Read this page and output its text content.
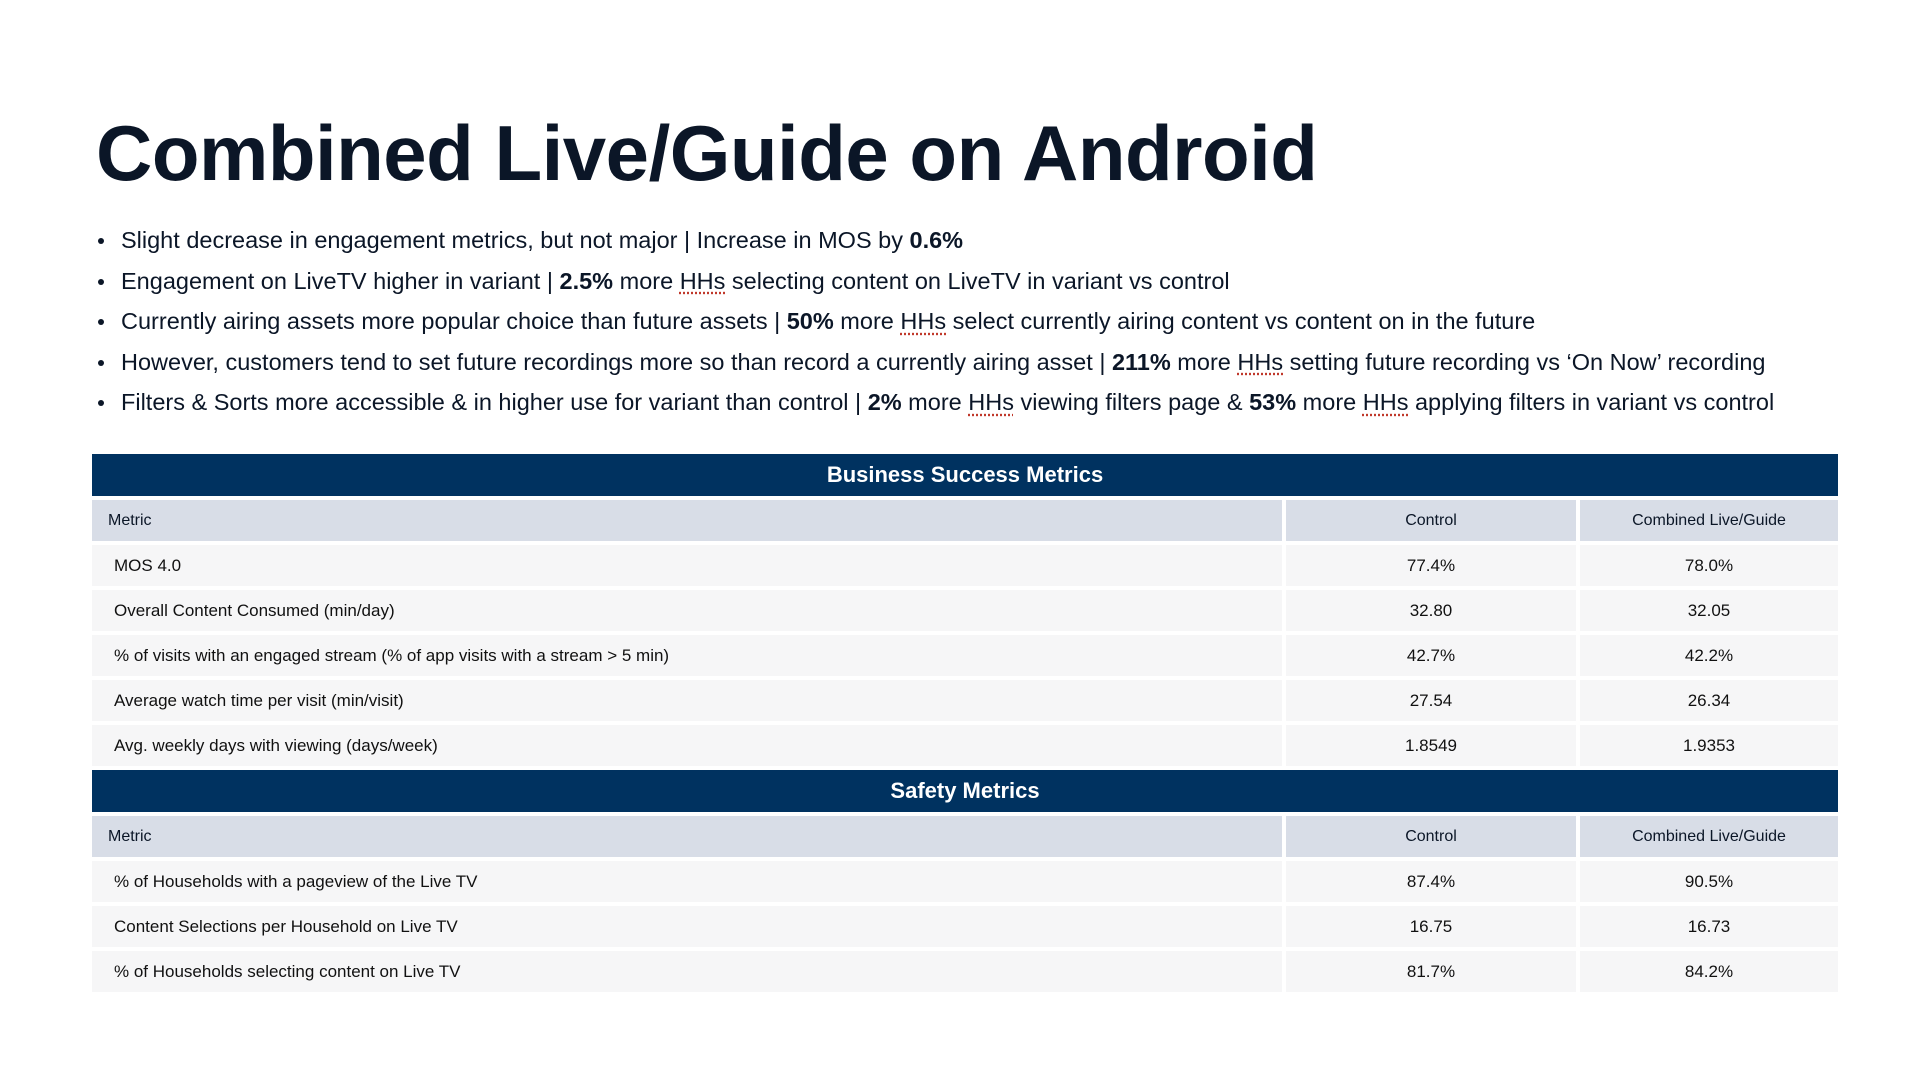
Combined Live/Guide on Android
Slight decrease in engagement metrics, but not major | Increase in MOS by 0.6%
Engagement on LiveTV higher in variant | 2.5% more HHs selecting content on LiveTV in variant vs control
Currently airing assets more popular choice than future assets | 50% more HHs select currently airing content vs content on in the future
However, customers tend to set future recordings more so than record a currently airing asset | 211% more HHs setting future recording vs ‘On Now’ recording
Filters & Sorts more accessible & in higher use for variant than control | 2% more HHs viewing filters page & 53% more HHs applying filters in variant vs control
Business Success Metrics
Metric	Control	Combined Live/Guide
MOS 4.0	77.4%	78.0%
Overall Content Consumed (min/day)	32.80	32.05
% of visits with an engaged stream (% of app visits with a stream > 5 min)	42.7%	42.2%
Average watch time per visit (min/visit)	27.54	26.34
Avg. weekly days with viewing (days/week)	1.8549	1.9353
Safety Metrics
Metric	Control	Combined Live/Guide
% of Households with a pageview of the Live TV	87.4%	90.5%
Content Selections per Household on Live TV	16.75	16.73
% of Households selecting content on Live TV	81.7%	84.2%
